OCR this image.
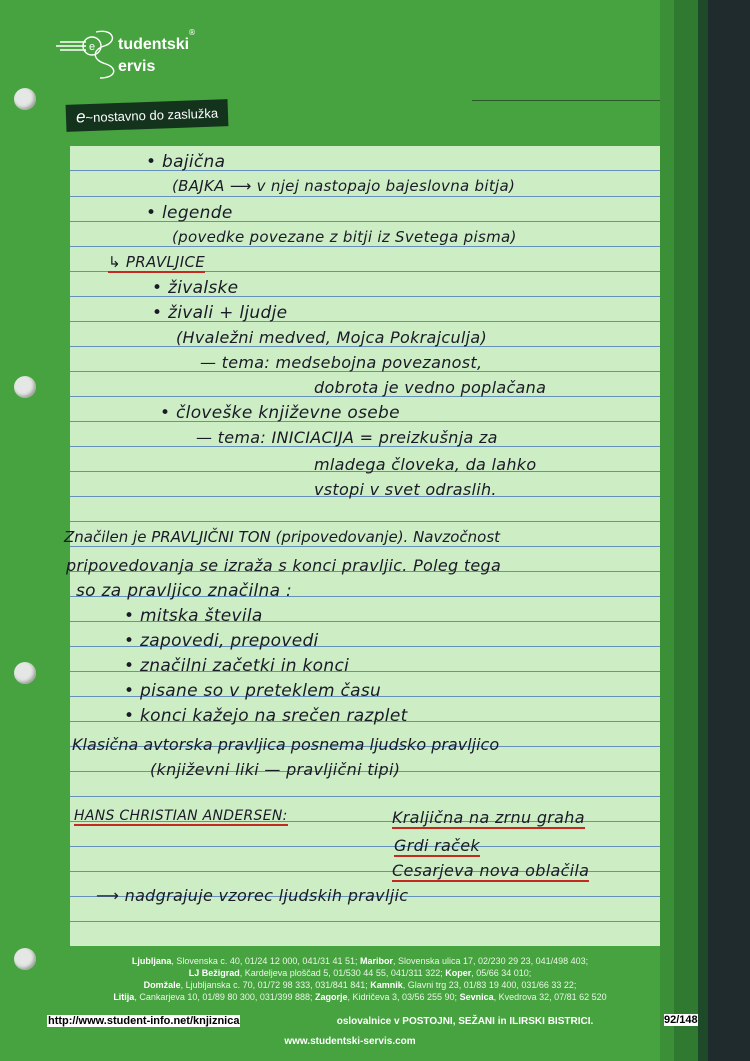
e tudentski
ervis
®
e~nostavno do zaslužka
• bajična
(BAJKA ⟶ v njej nastopajo bajeslovna bitja)
• legende
(povedke povezane z bitji iz Svetega pisma)
↳ PRAVLJICE
• živalske
• živali + ljudje
(Hvaležni medved, Mojca Pokrajculja)
— tema: medsebojna povezanost,
dobrota je vedno poplačana
• človeške književne osebe
— tema: INICIACIJA = preizkušnja za
mladega človeka, da lahko
vstopi v svet odraslih.
Značilen je PRAVLJIČNI TON (pripovedovanje). Navzočnost
pripovedovanja se izraža s konci pravljic. Poleg tega
so za pravljico značilna :
• mitska števila
• zapovedi, prepovedi
• značilni začetki in konci
• pisane so v preteklem času
• konci kažejo na srečen razplet
Klasična avtorska pravljica posnema ljudsko pravljico
(književni liki — pravljični tipi)
HANS CHRISTIAN ANDERSEN:	Kraljična na zrnu graha
Grdi raček
Cesarjeva nova oblačila
⟶ nadgrajuje vzorec ljudskih pravljic
Ljubljana, Slovenska c. 40, 01/24 12 000, 041/31 41 51; Maribor, Slovenska ulica 17, 02/230 29 23, 041/498 403;
LJ Bežigrad, Kardeljeva ploščad 5, 01/530 44 55, 041/311 322; Koper, 05/66 34 010;
Domžale, Ljubljanska c. 70, 01/72 98 333, 031/841 841; Kamnik, Glavni trg 23, 01/83 19 400, 031/66 33 22;
Litija, Cankarjeva 10, 01/89 80 300, 031/399 888; Zagorje, Kidričeva 3, 03/56 255 90; Sevnica, Kvedrova 32, 07/81 62 520
oslovalnice v POSTOJNI, SEŽANI in ILIRSKI BISTRICI.
www.studentski-servis.com
http://www.student-info.net/knjiznica	92/148
